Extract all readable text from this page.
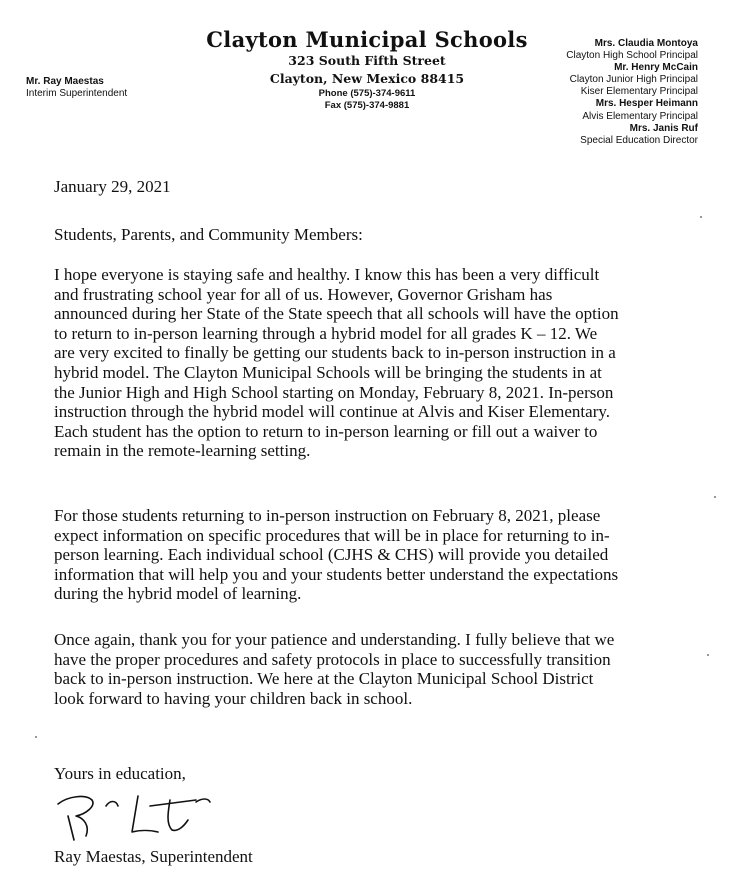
Clayton Municipal Schools
323 South Fifth Street
Clayton, New Mexico 88415
Phone (575)-374-9611
Fax (575)-374-9881
Mr. Ray Maestas
Interim Superintendent
Mrs. Claudia Montoya
Clayton High School Principal
Mr. Henry McCain
Clayton Junior High Principal
Kiser Elementary Principal
Mrs. Hesper Heimann
Alvis Elementary Principal
Mrs. Janis Ruf
Special Education Director
January 29, 2021
Students, Parents, and Community Members:

I hope everyone is staying safe and healthy. I know this has been a very difficult

and frustrating school year for all of us. However, Governor Grisham has

announced during her State of the State speech that all schools will have the option

to return to in-person learning through a hybrid model for all grades K – 12. We

are very excited to finally be getting our students back to in-person instruction in a

hybrid model. The Clayton Municipal Schools will be bringing the students in at

the Junior High and High School starting on Monday, February 8, 2021. In-person

instruction through the hybrid model will continue at Alvis and Kiser Elementary.

Each student has the option to return to in-person learning or fill out a waiver to

remain in the remote-learning setting.

For those students returning to in-person instruction on February 8, 2021, please

expect information on specific procedures that will be in place for returning to in-

person learning. Each individual school (CJHS & CHS) will provide you detailed

information that will help you and your students better understand the expectations

during the hybrid model of learning.

Once again, thank you for your patience and understanding. I fully believe that we

have the proper procedures and safety protocols in place to successfully transition

back to in-person instruction. We here at the Clayton Municipal School District

look forward to having your children back in school.

Yours in education,
Ray Maestas, Superintendent
